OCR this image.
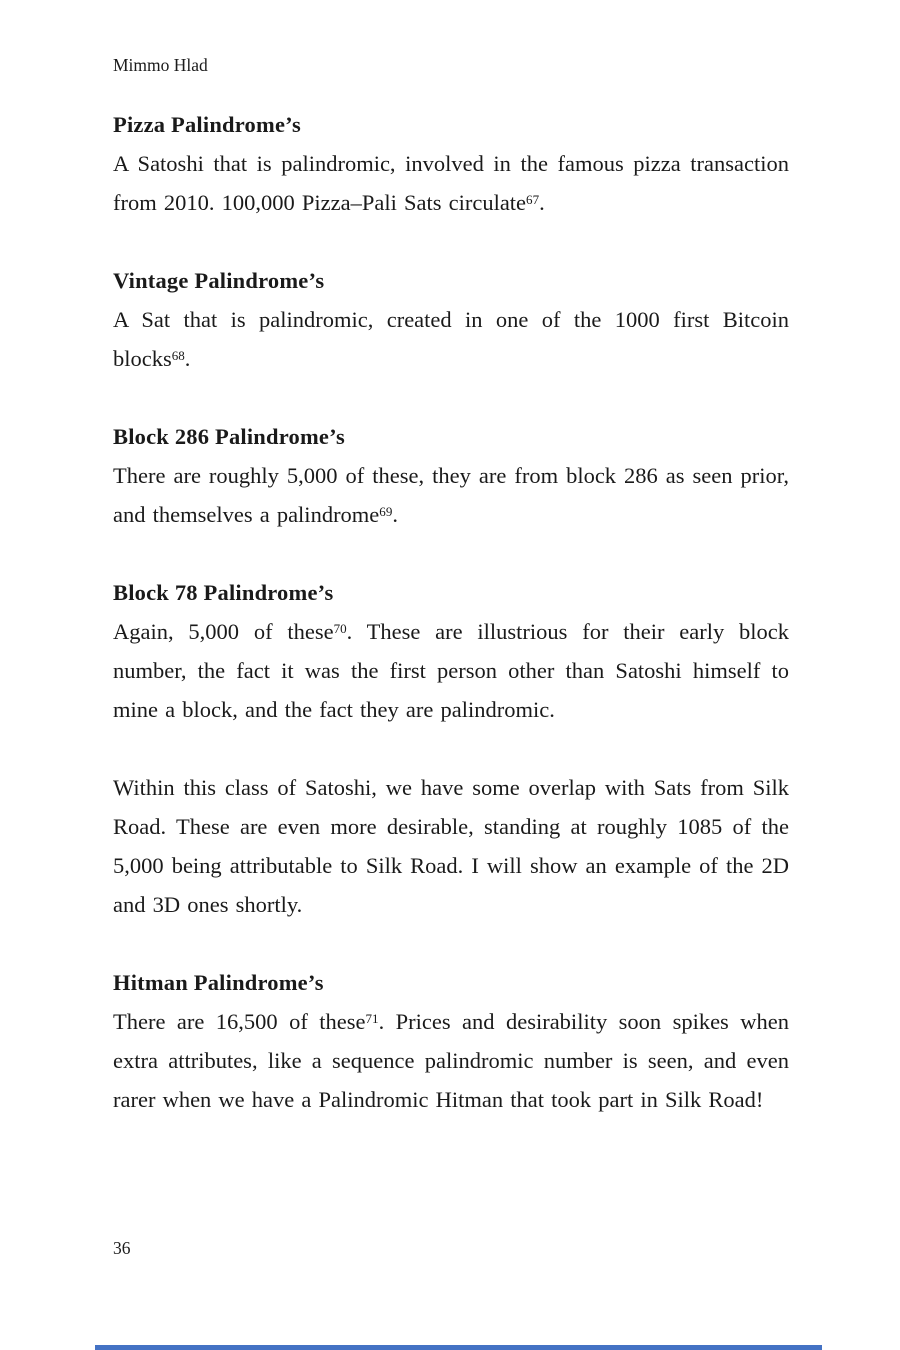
Mimmo Hlad
Pizza Palindrome’s

A Satoshi that is palindromic, involved in the famous pizza transaction from 2010. 100,000 Pizza–Pali Sats circulate$^{67}$.

Vintage Palindrome’s

A Sat that is palindromic, created in one of the 1000 first Bitcoin blocks$^{68}$.

Block 286 Palindrome’s

There are roughly 5,000 of these, they are from block 286 as seen prior, and themselves a palindrome$^{69}$.

Block 78 Palindrome’s

Again, 5,000 of these$^{70}$. These are illustrious for their early block number, the fact it was the first person other than Satoshi himself to mine a block, and the fact they are palindromic.

Within this class of Satoshi, we have some overlap with Sats from Silk Road. These are even more desirable, standing at roughly 1085 of the 5,000 being attributable to Silk Road. I will show an example of the 2D and 3D ones shortly.

Hitman Palindrome’s

There are 16,500 of these$^{71}$. Prices and desirability soon spikes when extra attributes, like a sequence palindromic number is seen, and even rarer when we have a Palindromic Hitman that took part in Silk Road!

36
